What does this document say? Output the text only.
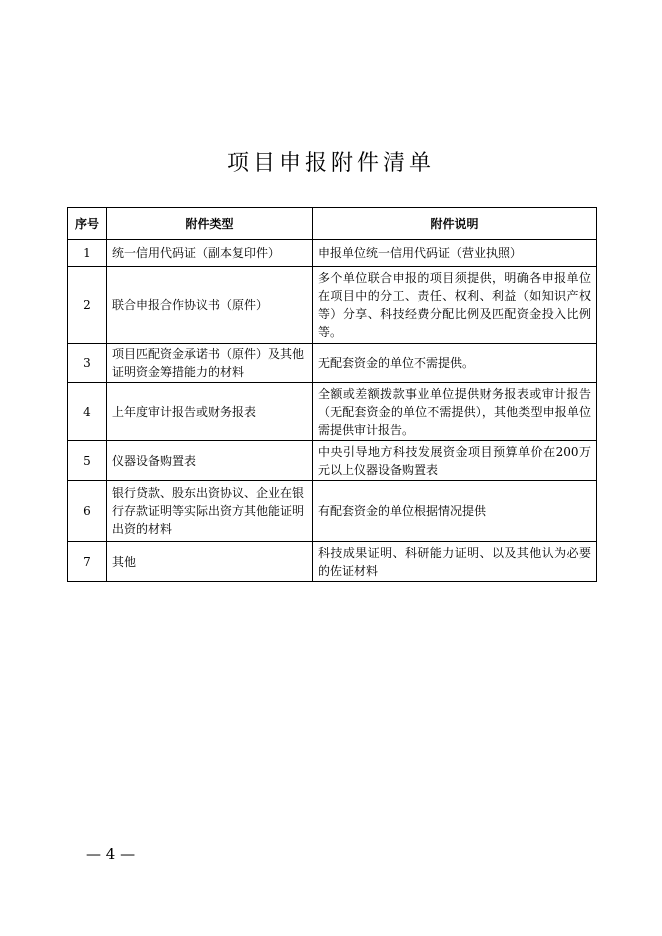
项目申报附件清单
序号	附件类型	附件说明
1	统一信用代码证（副本复印件）	申报单位统一信用代码证（营业执照）
2	联合申报合作协议书（原件）	多个单位联合申报的项目须提供，明确各申报单位在项目中的分工、责任、权利、利益（如知识产权等）分享、科技经费分配比例及匹配资金投入比例等。
3	项目匹配资金承诺书（原件）及其他证明资金筹措能力的材料	无配套资金的单位不需提供。
4	上年度审计报告或财务报表	全额或差额拨款事业单位提供财务报表或审计报告（无配套资金的单位不需提供），其他类型申报单位需提供审计报告。
5	仪器设备购置表	中央引导地方科技发展资金项目预算单价在200万元以上仪器设备购置表
6	银行贷款、股东出资协议、企业在银行存款证明等实际出资方其他能证明出资的材料	有配套资金的单位根据情况提供
7	其他	科技成果证明、科研能力证明、以及其他认为必要的佐证材料
— 4 —
